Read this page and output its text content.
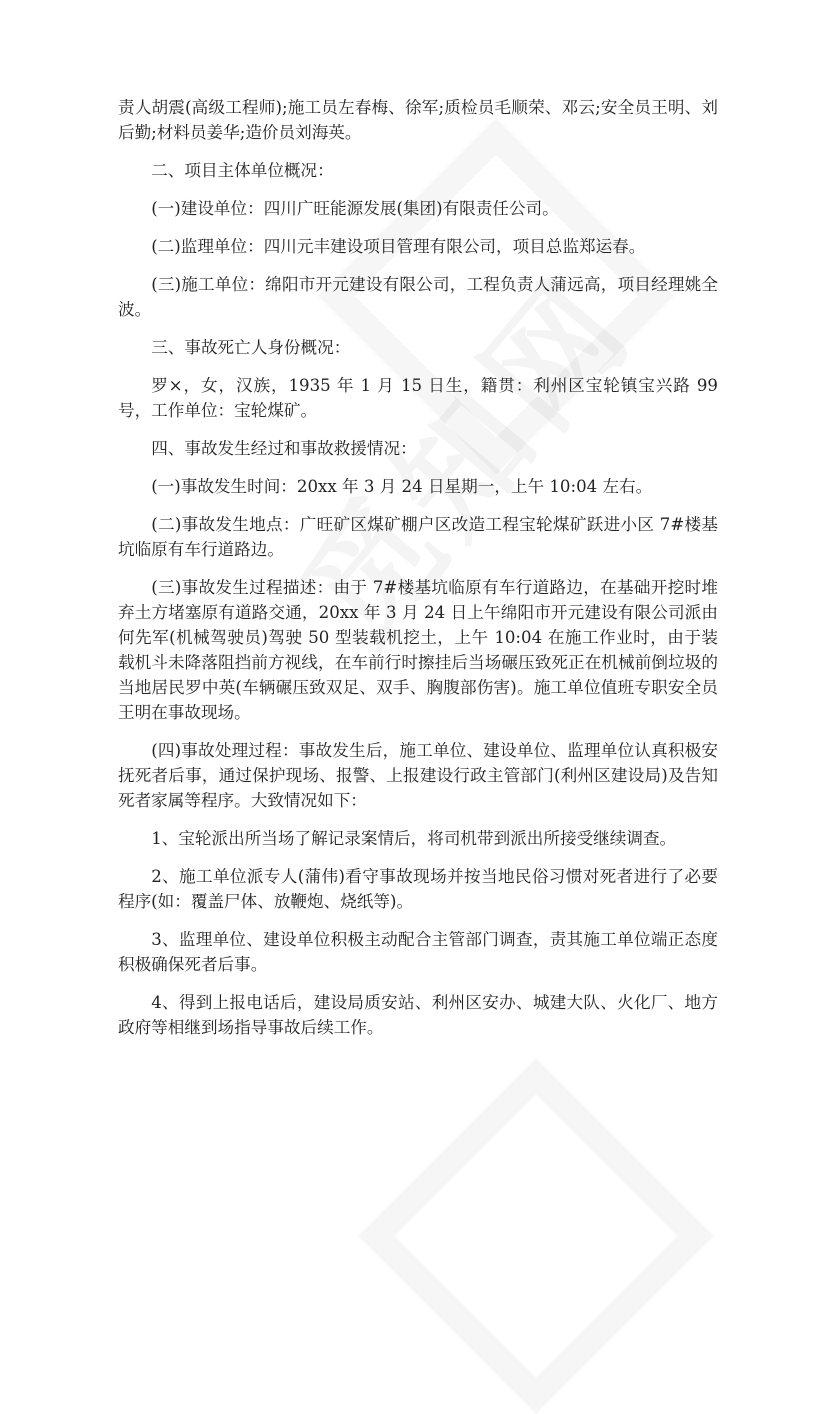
责人胡震(高级工程师);施工员左春梅、徐军;质检员毛顺荣、邓云;安全员王明、刘后勤;材料员姜华;造价员刘海英。

二、项目主体单位概况：

(一)建设单位：四川广旺能源发展(集团)有限责任公司。

(二)监理单位：四川元丰建设项目管理有限公司，项目总监郑运春。

(三)施工单位：绵阳市开元建设有限公司，工程负责人蒲远高，项目经理姚全波。

三、事故死亡人身份概况：

罗×，女，汉族，1935 年 1 月 15 日生，籍贯：利州区宝轮镇宝兴路 99 号，工作单位：宝轮煤矿。

四、事故发生经过和事故救援情况：

(一)事故发生时间：20xx 年 3 月 24 日星期一，上午 10:04 左右。

(二)事故发生地点：广旺矿区煤矿棚户区改造工程宝轮煤矿跃进小区 7#楼基坑临原有车行道路边。

(三)事故发生过程描述：由于 7#楼基坑临原有车行道路边，在基础开挖时堆弃土方堵塞原有道路交通，20xx 年 3 月 24 日上午绵阳市开元建设有限公司派由何先军(机械驾驶员)驾驶 50 型装载机挖土，上午 10:04 在施工作业时，由于装载机斗未降落阻挡前方视线，在车前行时擦挂后当场碾压致死正在机械前倒垃圾的当地居民罗中英(车辆碾压致双足、双手、胸腹部伤害)。施工单位值班专职安全员王明在事故现场。

(四)事故处理过程：事故发生后，施工单位、建设单位、监理单位认真积极安抚死者后事，通过保护现场、报警、上报建设行政主管部门(利州区建设局)及告知死者家属等程序。大致情况如下：

1、宝轮派出所当场了解记录案情后，将司机带到派出所接受继续调查。

2、施工单位派专人(蒲伟)看守事故现场并按当地民俗习惯对死者进行了必要程序(如：覆盖尸体、放鞭炮、烧纸等)。

3、监理单位、建设单位积极主动配合主管部门调查，责其施工单位端正态度积极确保死者后事。

4、得到上报电话后，建设局质安站、利州区安办、城建大队、火化厂、地方政府等相继到场指导事故后续工作。
